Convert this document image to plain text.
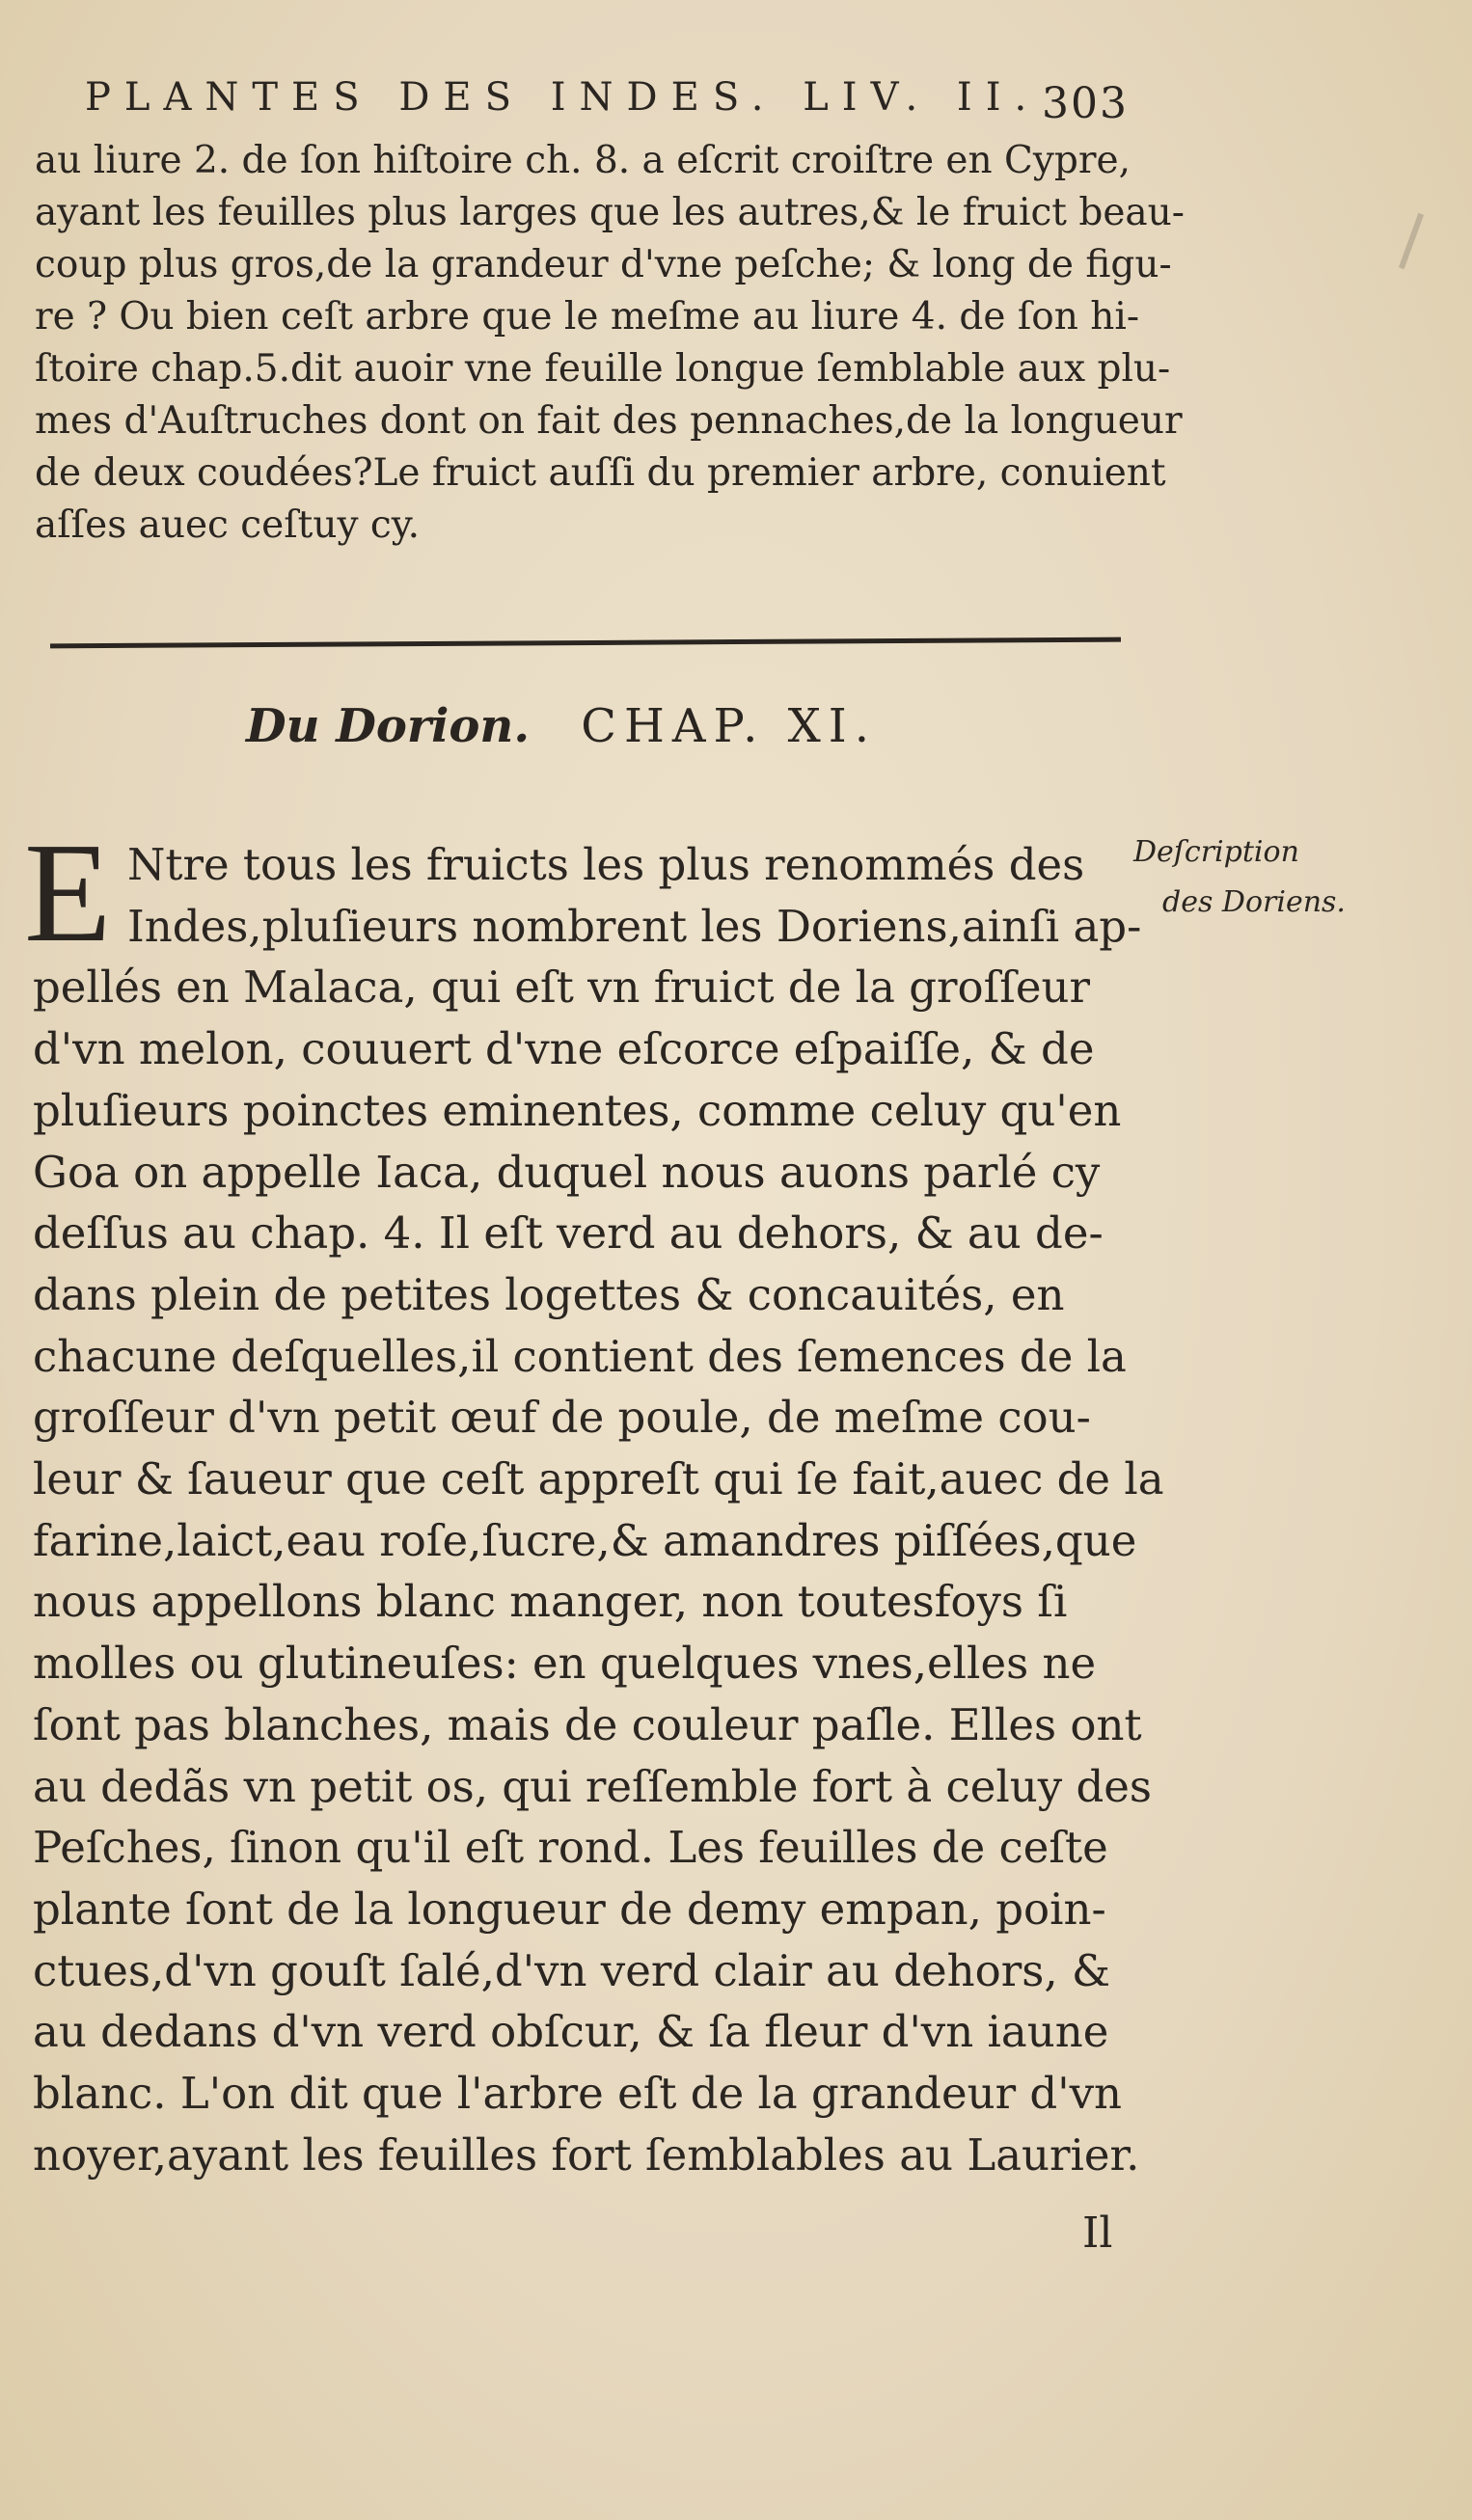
PLANTES DES INDES. LIV. II. 303
au liure 2. de ſon hiſtoire ch. 8. a eſcrit croiſtre en Cypre,
ayant les feuilles plus larges que les autres,& le fruict beau-
coup plus gros,de la grandeur d'vne peſche; & long de figu-
re ? Ou bien ceſt arbre que le meſme au liure 4. de ſon hi-
ſtoire chap.5.dit auoir vne feuille longue ſemblable aux plu-
mes d'Auſtruches dont on fait des pennaches,de la longueur
de deux coudées?Le fruict auſſi du premier arbre, conuient
aſſes auec ceſtuy cy.
Du Dorion. CHAP. XI.
Deſcription
des Doriens.
E Ntre tous les fruicts les plus renommés des
Indes,pluſieurs nombrent les Doriens,ainſi ap-
pellés en Malaca, qui eſt vn fruict de la groſſeur
d'vn melon, couuert d'vne eſcorce eſpaiſſe, & de
pluſieurs poinctes eminentes, comme celuy qu'en
Goa on appelle Iaca, duquel nous auons parlé cy
deſſus au chap. 4. Il eſt verd au dehors, & au de-
dans plein de petites logettes & concauités, en
chacune deſquelles,il contient des ſemences de la
groſſeur d'vn petit œuf de poule, de meſme cou-
leur & ſaueur que ceſt appreſt qui ſe fait,auec de la
farine,laict,eau roſe,ſucre,& amandres piſſées,que
nous appellons blanc manger, non toutesfoys ſi
molles ou glutineuſes: en quelques vnes,elles ne
ſont pas blanches, mais de couleur paſle. Elles ont
au dedãs vn petit os, qui reſſemble fort à celuy des
Peſches, ſinon qu'il eſt rond. Les feuilles de ceſte
plante ſont de la longueur de demy empan, poin-
ctues,d'vn gouſt ſalé,d'vn verd clair au dehors, &
au dedans d'vn verd obſcur, & ſa fleur d'vn iaune
blanc. L'on dit que l'arbre eſt de la grandeur d'vn
noyer,ayant les feuilles fort ſemblables au Laurier.
Il
